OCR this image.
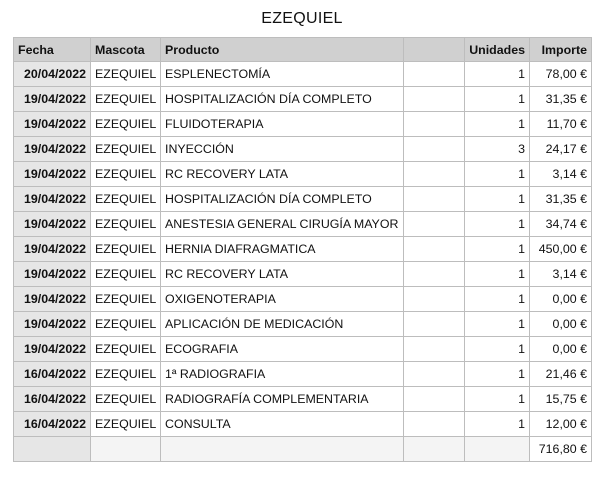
EZEQUIEL
Fecha	Mascota	Producto		Unidades	Importe
20/04/2022	EZEQUIEL	ESPLENECTOMÍA		1	78,00 €
19/04/2022	EZEQUIEL	HOSPITALIZACIÓN DÍA COMPLETO		1	31,35 €
19/04/2022	EZEQUIEL	FLUIDOTERAPIA		1	11,70 €
19/04/2022	EZEQUIEL	INYECCIÓN		3	24,17 €
19/04/2022	EZEQUIEL	RC RECOVERY LATA		1	3,14 €
19/04/2022	EZEQUIEL	HOSPITALIZACIÓN DÍA COMPLETO		1	31,35 €
19/04/2022	EZEQUIEL	ANESTESIA GENERAL CIRUGÍA MAYOR		1	34,74 €
19/04/2022	EZEQUIEL	HERNIA DIAFRAGMATICA		1	450,00 €
19/04/2022	EZEQUIEL	RC RECOVERY LATA		1	3,14 €
19/04/2022	EZEQUIEL	OXIGENOTERAPIA		1	0,00 €
19/04/2022	EZEQUIEL	APLICACIÓN DE MEDICACIÓN		1	0,00 €
19/04/2022	EZEQUIEL	ECOGRAFIA		1	0,00 €
16/04/2022	EZEQUIEL	1ª RADIOGRAFIA		1	21,46 €
16/04/2022	EZEQUIEL	RADIOGRAFÍA COMPLEMENTARIA		1	15,75 €
16/04/2022	EZEQUIEL	CONSULTA		1	12,00 €
					716,80 €
